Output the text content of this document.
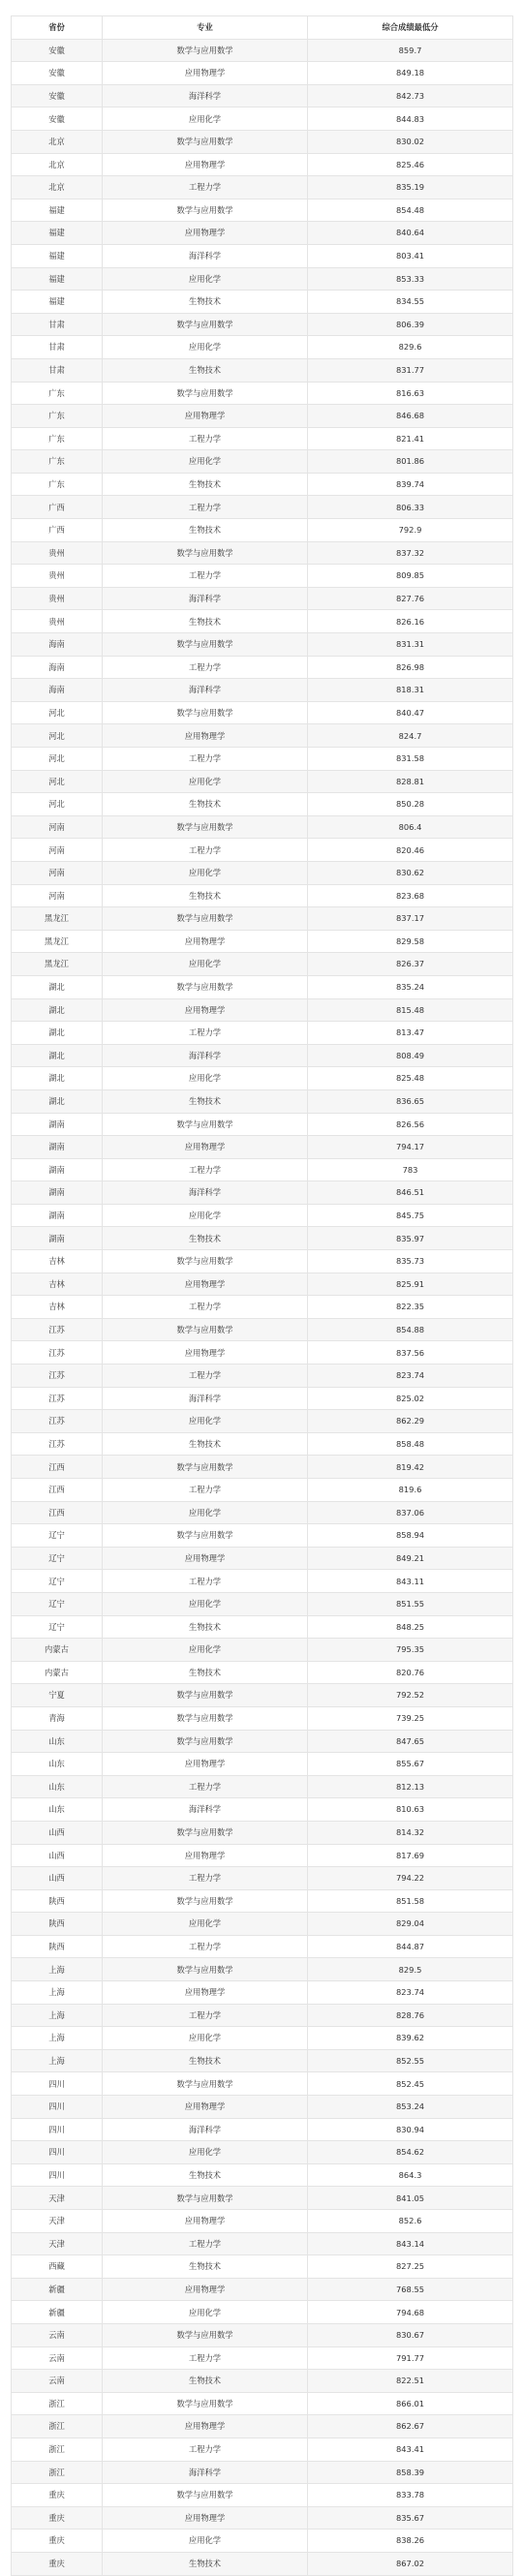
省份	专业	综合成绩最低分
安徽	数学与应用数学	859.7
安徽	应用物理学	849.18
安徽	海洋科学	842.73
安徽	应用化学	844.83
北京	数学与应用数学	830.02
北京	应用物理学	825.46
北京	工程力学	835.19
福建	数学与应用数学	854.48
福建	应用物理学	840.64
福建	海洋科学	803.41
福建	应用化学	853.33
福建	生物技术	834.55
甘肃	数学与应用数学	806.39
甘肃	应用化学	829.6
甘肃	生物技术	831.77
广东	数学与应用数学	816.63
广东	应用物理学	846.68
广东	工程力学	821.41
广东	应用化学	801.86
广东	生物技术	839.74
广西	工程力学	806.33
广西	生物技术	792.9
贵州	数学与应用数学	837.32
贵州	工程力学	809.85
贵州	海洋科学	827.76
贵州	生物技术	826.16
海南	数学与应用数学	831.31
海南	工程力学	826.98
海南	海洋科学	818.31
河北	数学与应用数学	840.47
河北	应用物理学	824.7
河北	工程力学	831.58
河北	应用化学	828.81
河北	生物技术	850.28
河南	数学与应用数学	806.4
河南	工程力学	820.46
河南	应用化学	830.62
河南	生物技术	823.68
黑龙江	数学与应用数学	837.17
黑龙江	应用物理学	829.58
黑龙江	应用化学	826.37
湖北	数学与应用数学	835.24
湖北	应用物理学	815.48
湖北	工程力学	813.47
湖北	海洋科学	808.49
湖北	应用化学	825.48
湖北	生物技术	836.65
湖南	数学与应用数学	826.56
湖南	应用物理学	794.17
湖南	工程力学	783
湖南	海洋科学	846.51
湖南	应用化学	845.75
湖南	生物技术	835.97
吉林	数学与应用数学	835.73
吉林	应用物理学	825.91
吉林	工程力学	822.35
江苏	数学与应用数学	854.88
江苏	应用物理学	837.56
江苏	工程力学	823.74
江苏	海洋科学	825.02
江苏	应用化学	862.29
江苏	生物技术	858.48
江西	数学与应用数学	819.42
江西	工程力学	819.6
江西	应用化学	837.06
辽宁	数学与应用数学	858.94
辽宁	应用物理学	849.21
辽宁	工程力学	843.11
辽宁	应用化学	851.55
辽宁	生物技术	848.25
内蒙古	应用化学	795.35
内蒙古	生物技术	820.76
宁夏	数学与应用数学	792.52
青海	数学与应用数学	739.25
山东	数学与应用数学	847.65
山东	应用物理学	855.67
山东	工程力学	812.13
山东	海洋科学	810.63
山西	数学与应用数学	814.32
山西	应用物理学	817.69
山西	工程力学	794.22
陕西	数学与应用数学	851.58
陕西	应用化学	829.04
陕西	工程力学	844.87
上海	数学与应用数学	829.5
上海	应用物理学	823.74
上海	工程力学	828.76
上海	应用化学	839.62
上海	生物技术	852.55
四川	数学与应用数学	852.45
四川	应用物理学	853.24
四川	海洋科学	830.94
四川	应用化学	854.62
四川	生物技术	864.3
天津	数学与应用数学	841.05
天津	应用物理学	852.6
天津	工程力学	843.14
西藏	生物技术	827.25
新疆	应用物理学	768.55
新疆	应用化学	794.68
云南	数学与应用数学	830.67
云南	工程力学	791.77
云南	生物技术	822.51
浙江	数学与应用数学	866.01
浙江	应用物理学	862.67
浙江	工程力学	843.41
浙江	海洋科学	858.39
重庆	数学与应用数学	833.78
重庆	应用物理学	835.67
重庆	应用化学	838.26
重庆	生物技术	867.02
